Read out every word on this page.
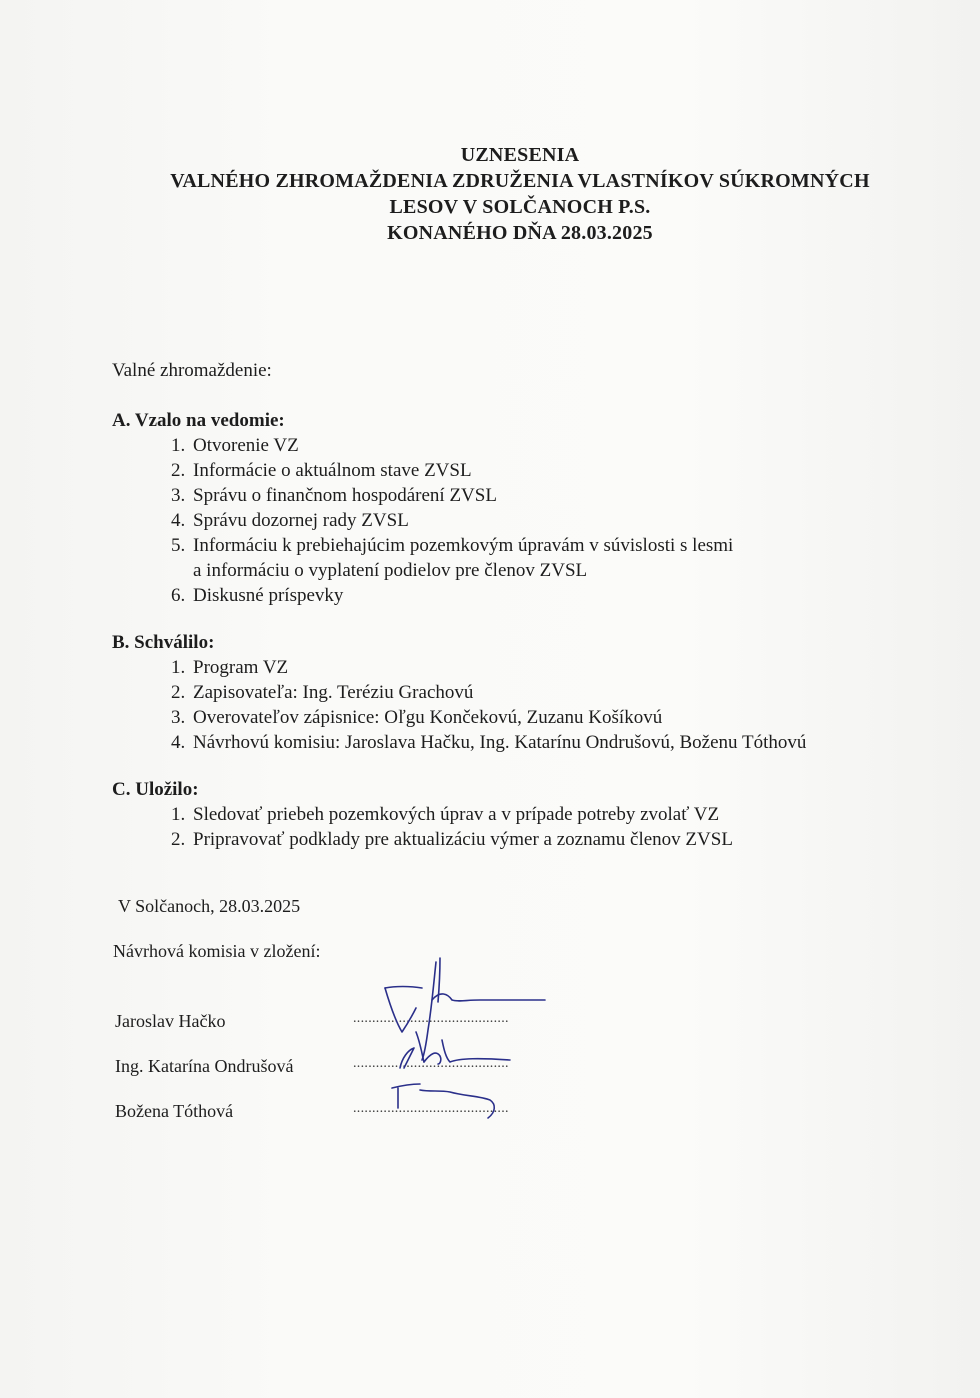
UZNESENIA
VALNÉHO ZHROMAŽDENIA ZDRUŽENIA VLASTNÍKOV SÚKROMNÝCH
LESOV V SOLČANOCH P.S.
KONANÉHO DŇA 28.03.2025
Valné zhromaždenie:
A. Vzalo na vedomie:
1. Otvorenie VZ
2. Informácie o aktuálnom stave ZVSL
3. Správu o finančnom hospodárení ZVSL
4. Správu dozornej rady ZVSL
5. Informáciu k prebiehajúcim pozemkovým úpravám v súvislosti s lesmi
a informáciu o vyplatení podielov pre členov ZVSL
6. Diskusné príspevky
B. Schválilo:
1. Program VZ
2. Zapisovateľa: Ing. Teréziu Grachovú
3. Overovateľov zápisnice: Oľgu Končekovú, Zuzanu Košíkovú
4. Návrhovú komisiu: Jaroslava Hačku, Ing. Katarínu Ondrušovú, Boženu Tóthovú
C. Uložilo:
1. Sledovať priebeh pozemkových úprav a v prípade potreby zvolať VZ
2. Pripravovať podklady pre aktualizáciu výmer a zoznamu členov ZVSL
V Solčanoch, 28.03.2025
Návrhová komisia v zložení:
Jaroslav Hačko	.........................................
Ing. Katarína Ondrušová	.........................................
Božena Tóthová	.........................................
